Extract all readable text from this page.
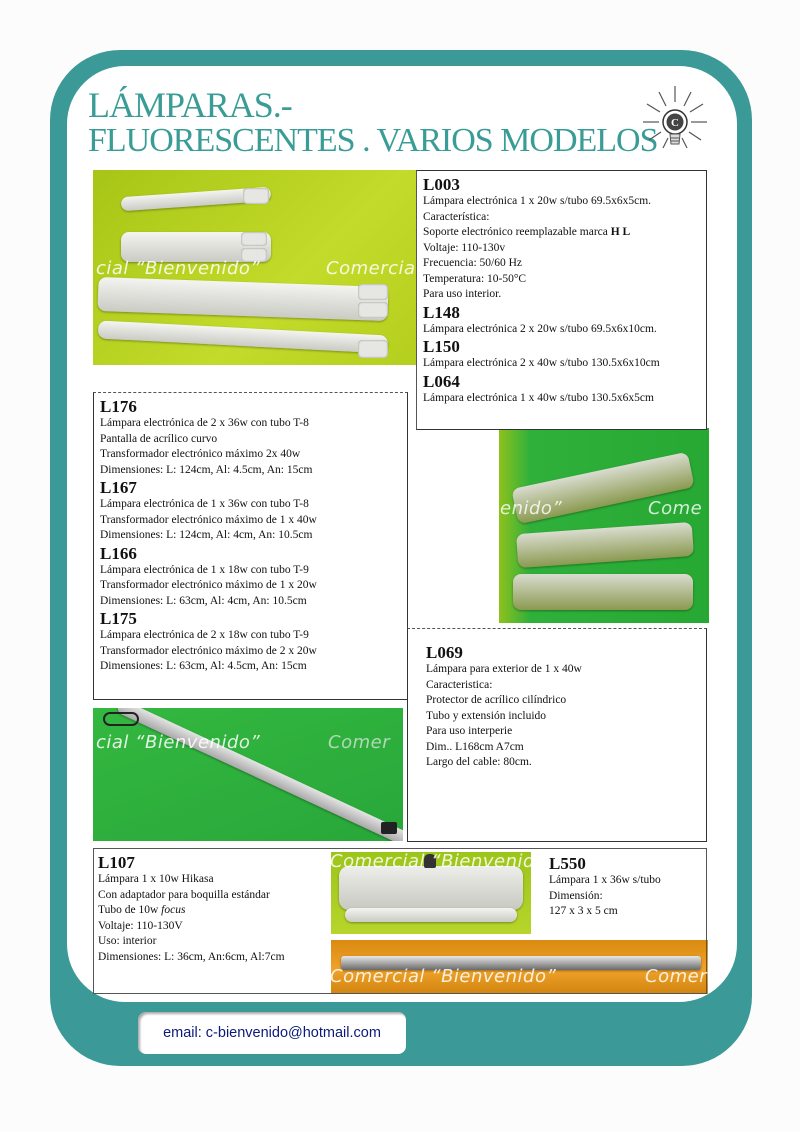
LÁMPARAS.-
FLUORESCENTES . VARIOS MODELOS C
L003
Lámpara electrónica 1 x 20w s/tubo 69.5x6x5cm.
Característica:
Soporte electrónico reemplazable marca H L
Voltaje: 110-130v
Frecuencia: 50/60 Hz
Temperatura: 10-50°C
Para uso interior.
L148
Lámpara electrónica 2 x 20w s/tubo 69.5x6x10cm.
L150
Lámpara electrónica 2 x 40w s/tubo 130.5x6x10cm
L064
Lámpara electrónica 1 x 40w s/tubo 130.5x6x5cm
L176
Lámpara electrónica de 2 x 36w con tubo T-8
Pantalla de acrílico curvo
Transformador electrónico máximo 2x 40w
Dimensiones: L: 124cm, Al: 4.5cm, An: 15cm
L167
Lámpara electrónica de 1 x 36w con tubo T-8
Transformador electrónico máximo de 1 x 40w
Dimensiones: L: 124cm, Al: 4cm, An: 10.5cm
L166
Lámpara electrónica de 1 x 18w con tubo T-9
Transformador electrónico máximo de 1 x 20w
Dimensiones: L: 63cm, Al: 4cm, An: 10.5cm
L175
Lámpara electrónica de 2 x 18w con tubo T-9
Transformador electrónico máximo de 2 x 20w
Dimensiones: L: 63cm, Al: 4.5cm, An: 15cm
L069
Lámpara para exterior de 1 x 40w
Caracteristica:
Protector de acrílico cilíndrico
Tubo y extensión incluido
Para uso interperie
Dim.. L168cm A7cm
Largo del cable: 80cm.
L107
Lámpara 1 x 10w Hikasa
Con adaptador para boquilla estándar
Tubo de 10w focus
Voltaje: 110-130V
Uso: interior
Dimensiones: L: 36cm, An:6cm, Al:7cm
L550
Lámpara 1 x 36w s/tubo
Dimensión:
127 x 3 x 5 cm
cial “Bienvenido”	Comercia
enido”	Come
cial “Bienvenido”	Comer
Comercial “Bienvenido”
Comercial “Bienvenido”	Comer
email: c-bienvenido@hotmail.com
